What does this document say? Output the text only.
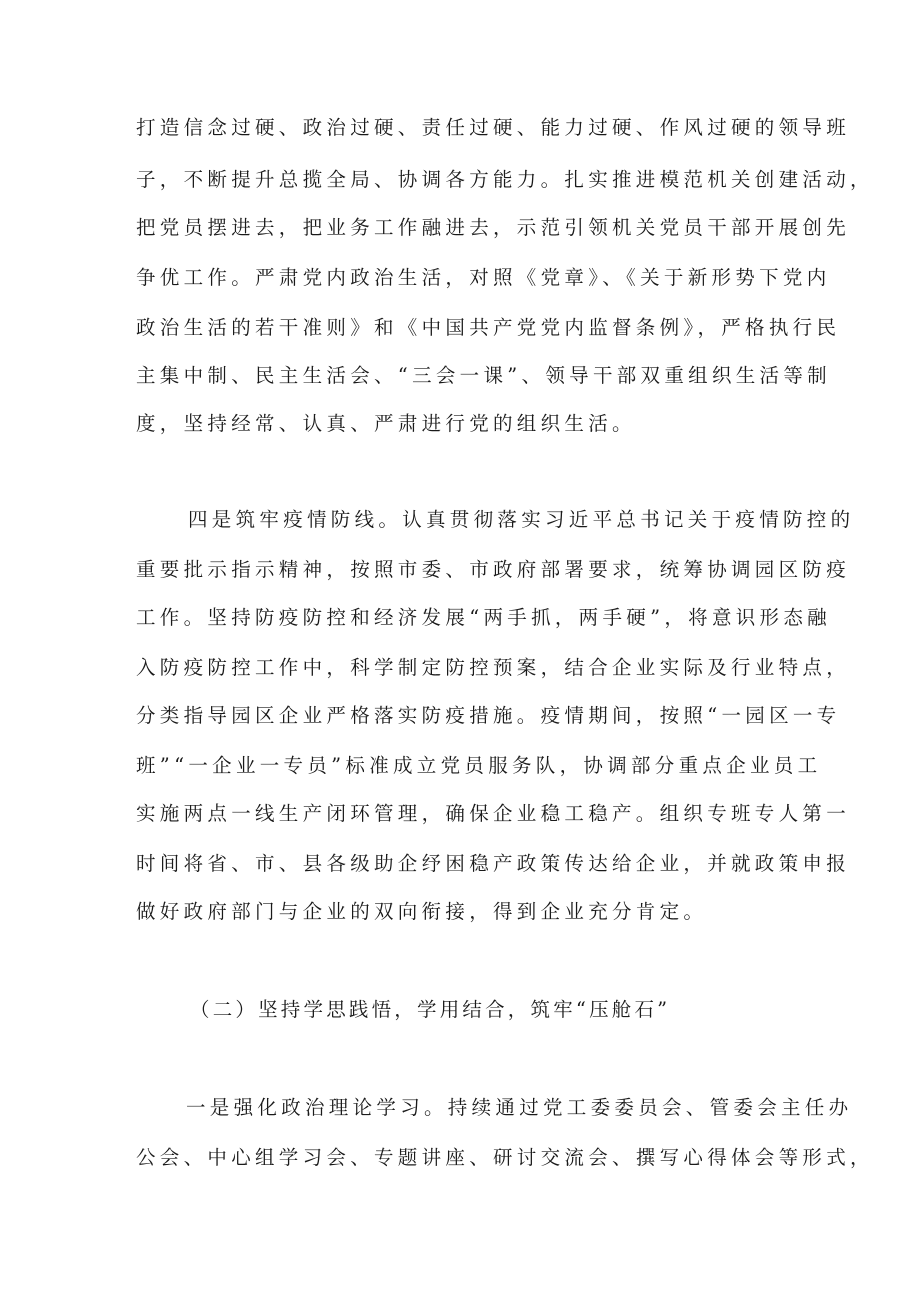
打造信念过硬、政治过硬、责任过硬、能力过硬、作风过硬的领导班
子，不断提升总揽全局、协调各方能力。扎实推进模范机关创建活动，
把党员摆进去，把业务工作融进去，示范引领机关党员干部开展创先
争优工作。严肃党内政治生活，对照《党章》、《关于新形势下党内
政治生活的若干准则》和《中国共产党党内监督条例》，严格执行民
主集中制、民主生活会、“三会一课”、领导干部双重组织生活等制
度，坚持经常、认真、严肃进行党的组织生活。
四是筑牢疫情防线。认真贯彻落实习近平总书记关于疫情防控的
重要批示指示精神，按照市委、市政府部署要求，统筹协调园区防疫
工作。坚持防疫防控和经济发展“两手抓，两手硬”，将意识形态融
入防疫防控工作中，科学制定防控预案，结合企业实际及行业特点，
分类指导园区企业严格落实防疫措施。疫情期间，按照“一园区一专
班”“一企业一专员”标准成立党员服务队，协调部分重点企业员工
实施两点一线生产闭环管理，确保企业稳工稳产。组织专班专人第一
时间将省、市、县各级助企纾困稳产政策传达给企业，并就政策申报
做好政府部门与企业的双向衔接，得到企业充分肯定。
（二）坚持学思践悟，学用结合，筑牢“压舱石”
一是强化政治理论学习。持续通过党工委委员会、管委会主任办
公会、中心组学习会、专题讲座、研讨交流会、撰写心得体会等形式，
